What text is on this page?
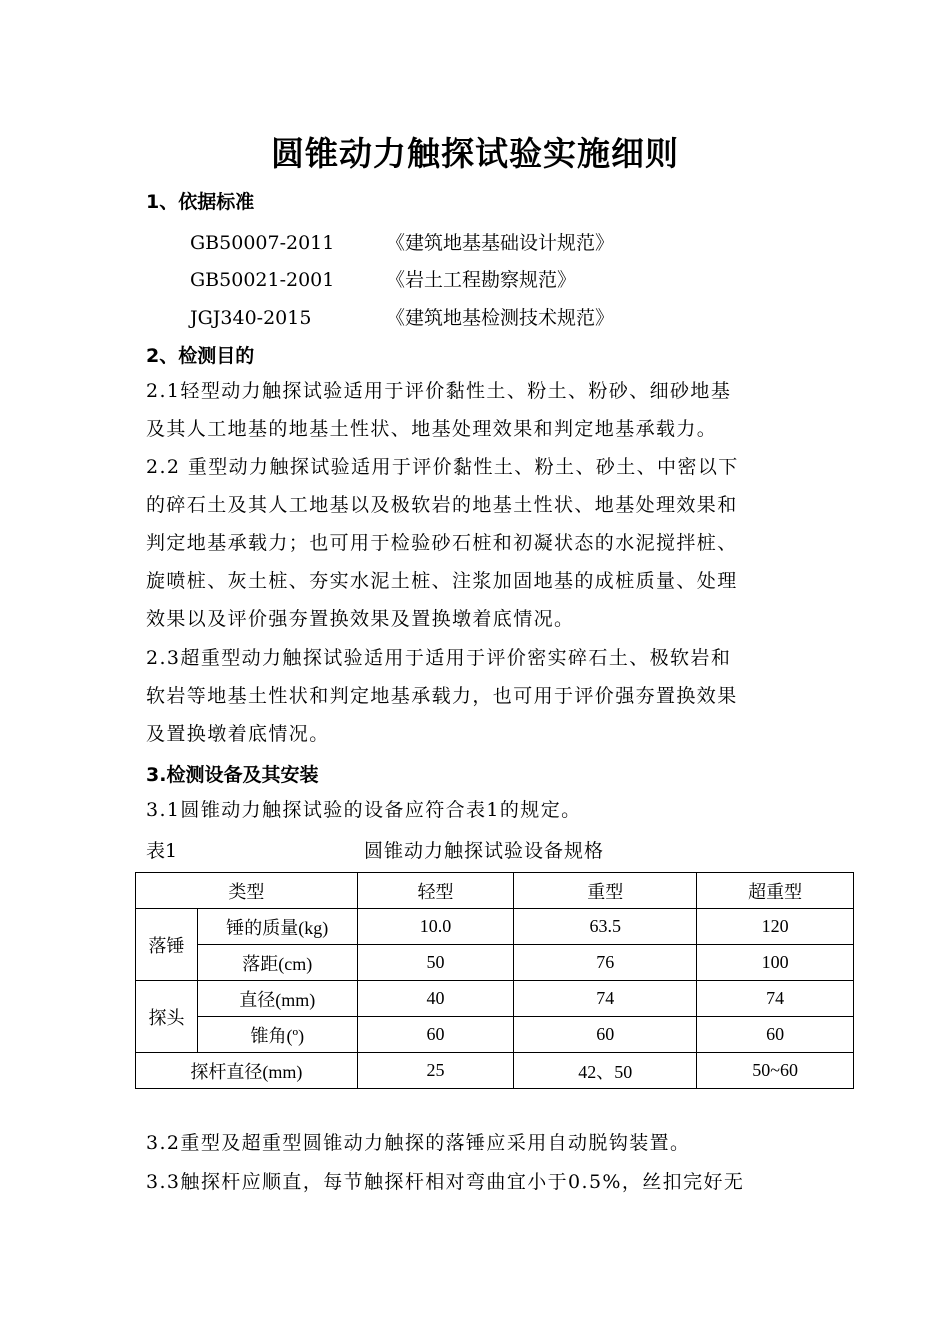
圆锥动力触探试验实施细则
1、依据标准
GB50007-2011	《建筑地基基础设计规范》
GB50021-2001	《岩土工程勘察规范》
JGJ340-2015	《建筑地基检测技术规范》
2、检测目的
2.1轻型动力触探试验适用于评价黏性土、粉土、粉砂、细砂地基
及其人工地基的地基土性状、地基处理效果和判定地基承载力。
2.2 重型动力触探试验适用于评价黏性土、粉土、砂土、中密以下
的碎石土及其人工地基以及极软岩的地基土性状、地基处理效果和
判定地基承载力；也可用于检验砂石桩和初凝状态的水泥搅拌桩、
旋喷桩、灰土桩、夯实水泥土桩、注浆加固地基的成桩质量、处理
效果以及评价强夯置换效果及置换墩着底情况。
2.3超重型动力触探试验适用于适用于评价密实碎石土、极软岩和
软岩等地基土性状和判定地基承载力，也可用于评价强夯置换效果
及置换墩着底情况。
3.检测设备及其安装
3.1圆锥动力触探试验的设备应符合表1的规定。
表1	圆锥动力触探试验设备规格
类型		轻型	重型	超重型
落锤	锤的质量(kg)	10.0	63.5	120
	落距(cm)	50	76	100
探头	直径(mm)	40	74	74
	锥角(º)	60	60	60
探杆直径(mm)		25	42、50	50~60
3.2重型及超重型圆锥动力触探的落锤应采用自动脱钩装置。
3.3触探杆应顺直，每节触探杆相对弯曲宜小于0.5%，丝扣完好无
